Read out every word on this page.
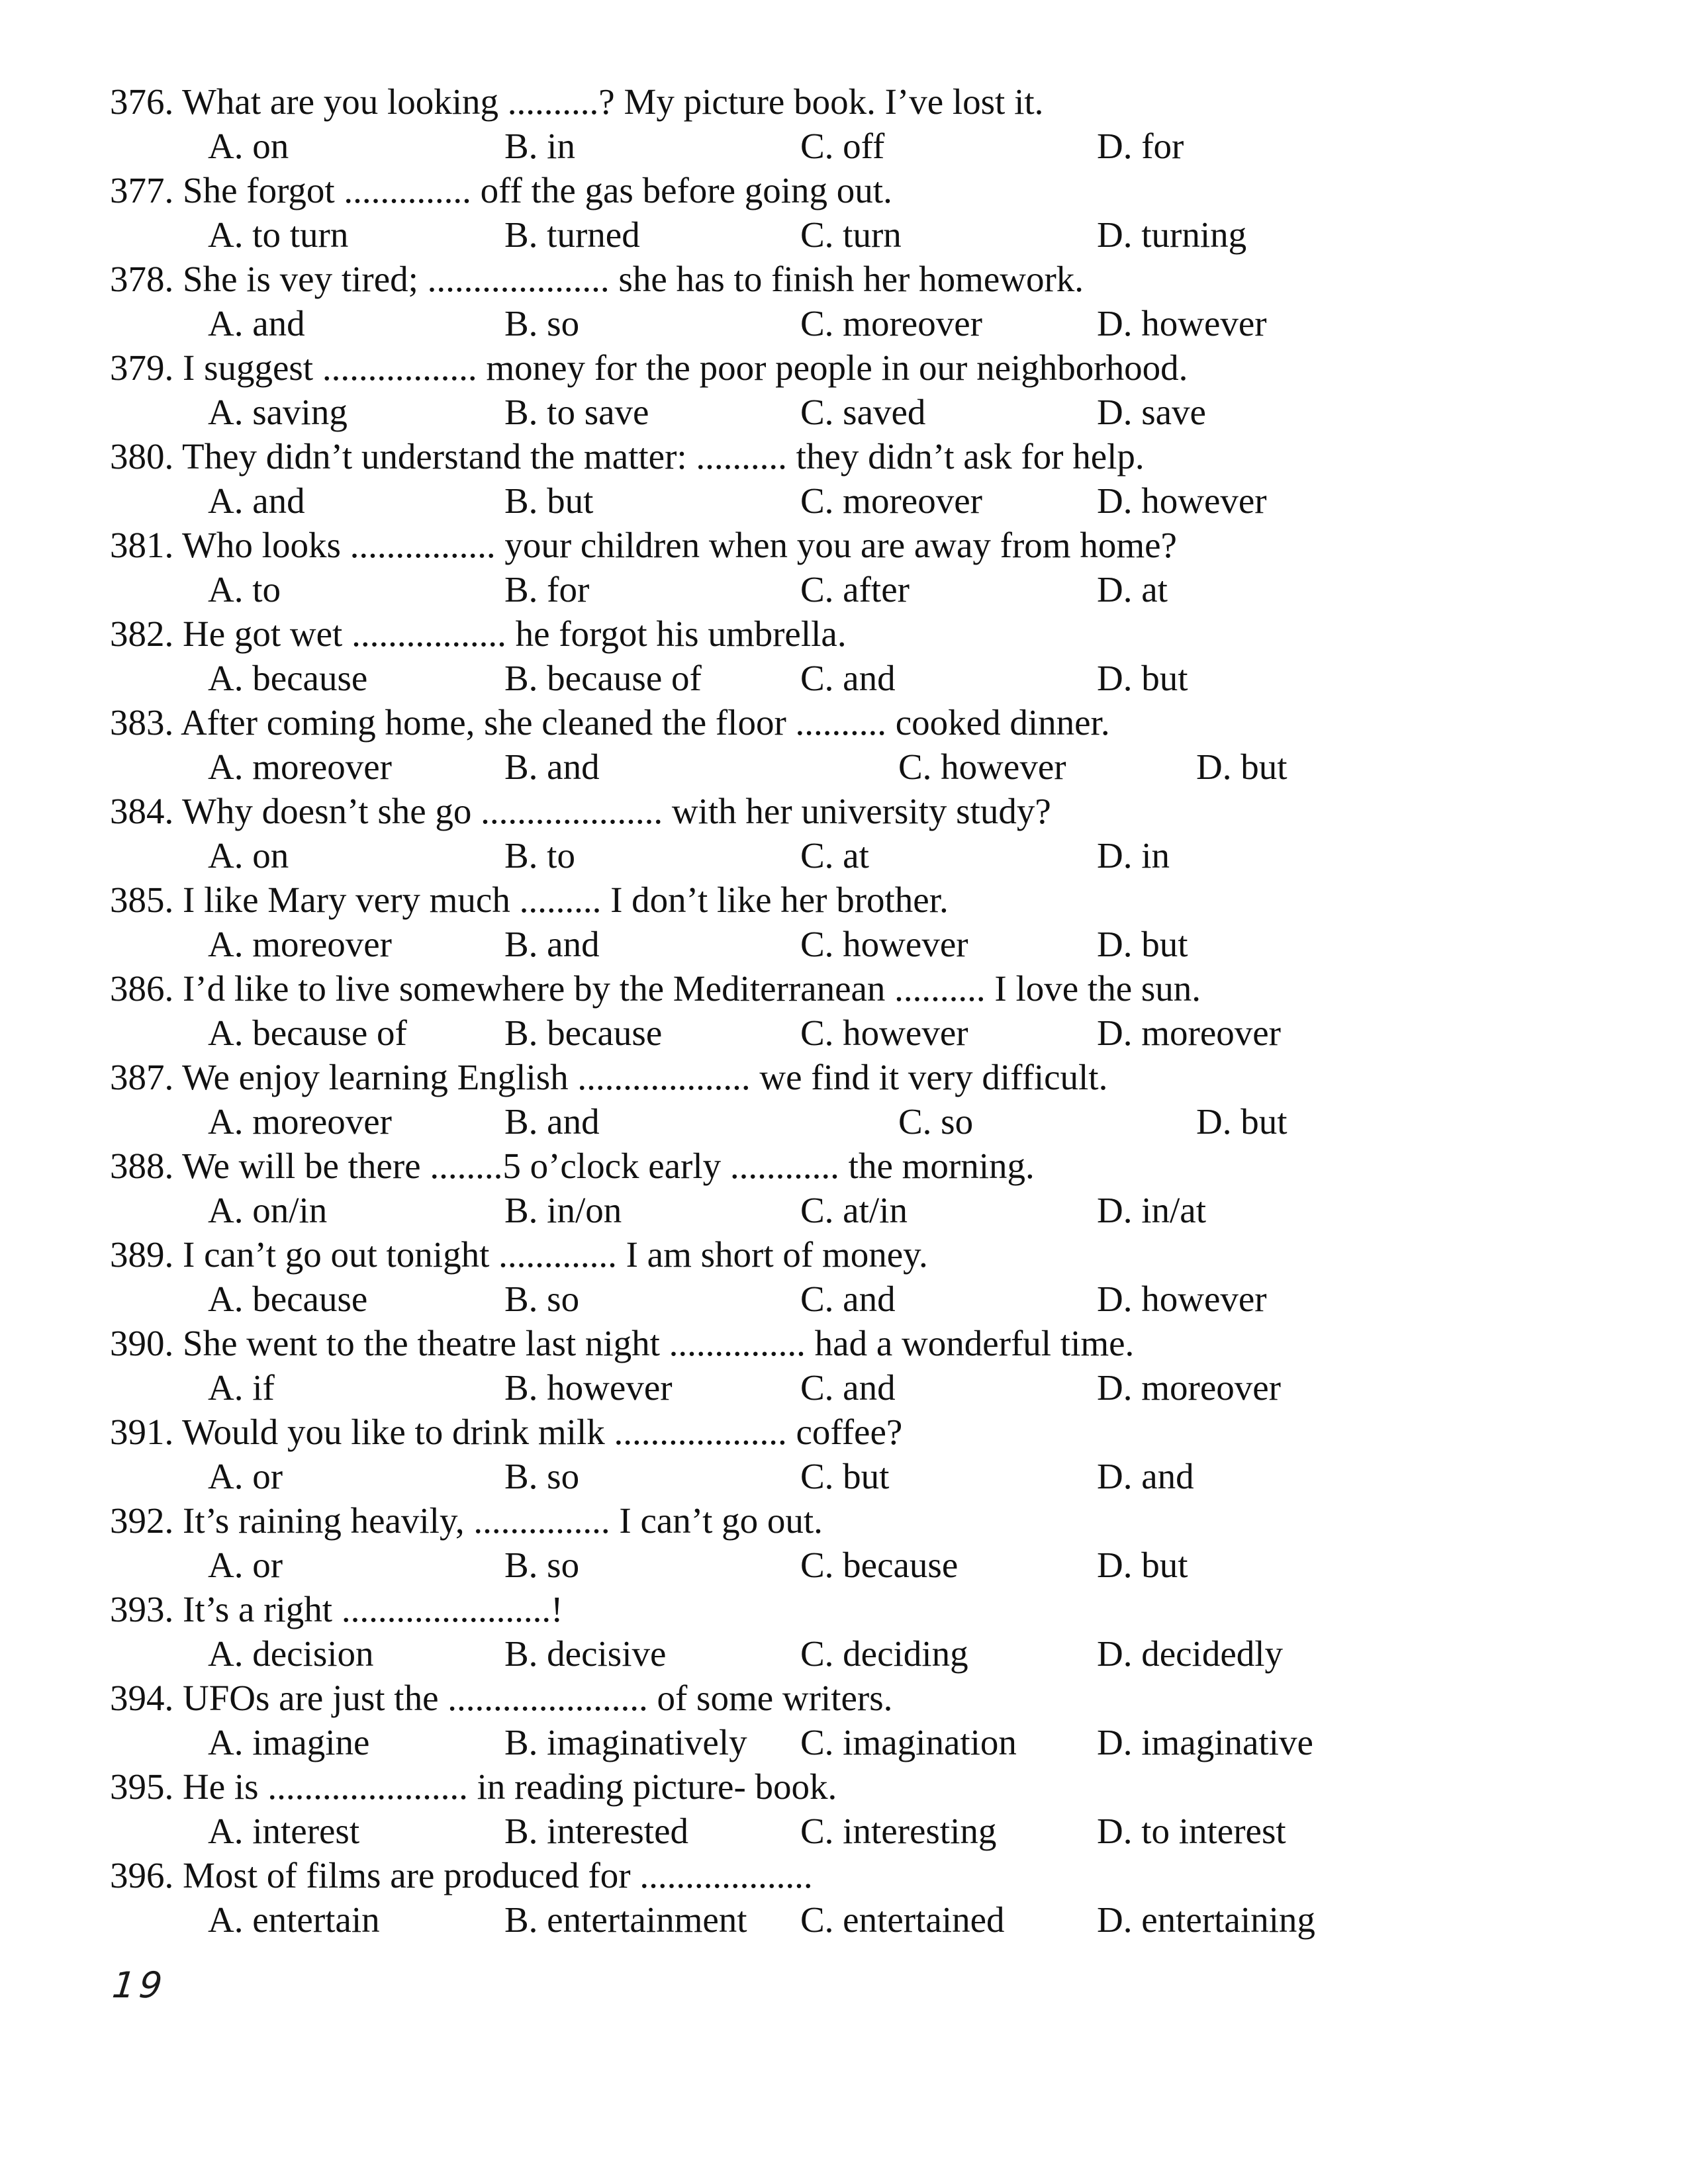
376. What are you looking ..........? My picture book. I’ve lost it.
A. on	B. in	C. off	D. for
377. She forgot .............. off the gas before going out.
A. to turn	B. turned	C. turn	D. turning
378. She is vey tired; .................... she has to finish her homework.
A. and	B. so	C. moreover	D. however
379. I suggest ................. money for the poor people in our neighborhood.
A. saving	B. to save	C. saved	D. save
380. They didn’t understand the matter: .......... they didn’t ask for help.
A. and	B. but	C. moreover	D. however
381. Who looks ................ your children when you are away from home?
A. to	B. for	C. after	D. at
382. He got wet ................. he forgot his umbrella.
A. because	B. because of	C. and	D. but
383. After coming home, she cleaned the floor .......... cooked dinner.
A. moreover	B. and	C. however	D. but
384. Why doesn’t she go .................... with her university study?
A. on	B. to	C. at	D. in
385. I like Mary very much ......... I don’t like her brother.
A. moreover	B. and	C. however	D. but
386. I’d like to live somewhere by the Mediterranean .......... I love the sun.
A. because of	B. because	C. however	D. moreover
387. We enjoy learning English ................... we find it very difficult.
A. moreover	B. and	C. so	D. but
388. We will be there ........5 o’clock early ............ the morning.
A. on/in	B. in/on	C. at/in	D. in/at
389. I can’t go out tonight ............. I am short of money.
A. because	B. so	C. and	D. however
390. She went to the theatre last night ............... had a wonderful time.
A. if	B. however	C. and	D. moreover
391. Would you like to drink milk ................... coffee?
A. or	B. so	C. but	D. and
392. It’s raining heavily, ............... I can’t go out.
A. or	B. so	C. because	D. but
393. It’s a right .......................!
A. decision	B. decisive	C. deciding	D. decidedly
394. UFOs are just the ...................... of some writers.
A. imagine	B. imaginatively C. imagination D. imaginative
395. He is ...................... in reading picture- book.
A. interest	B. interested	C. interesting	D. to interest
396. Most of films are produced for ...................
A. entertain	B. entertainment C. entertained	D. entertaining
19
